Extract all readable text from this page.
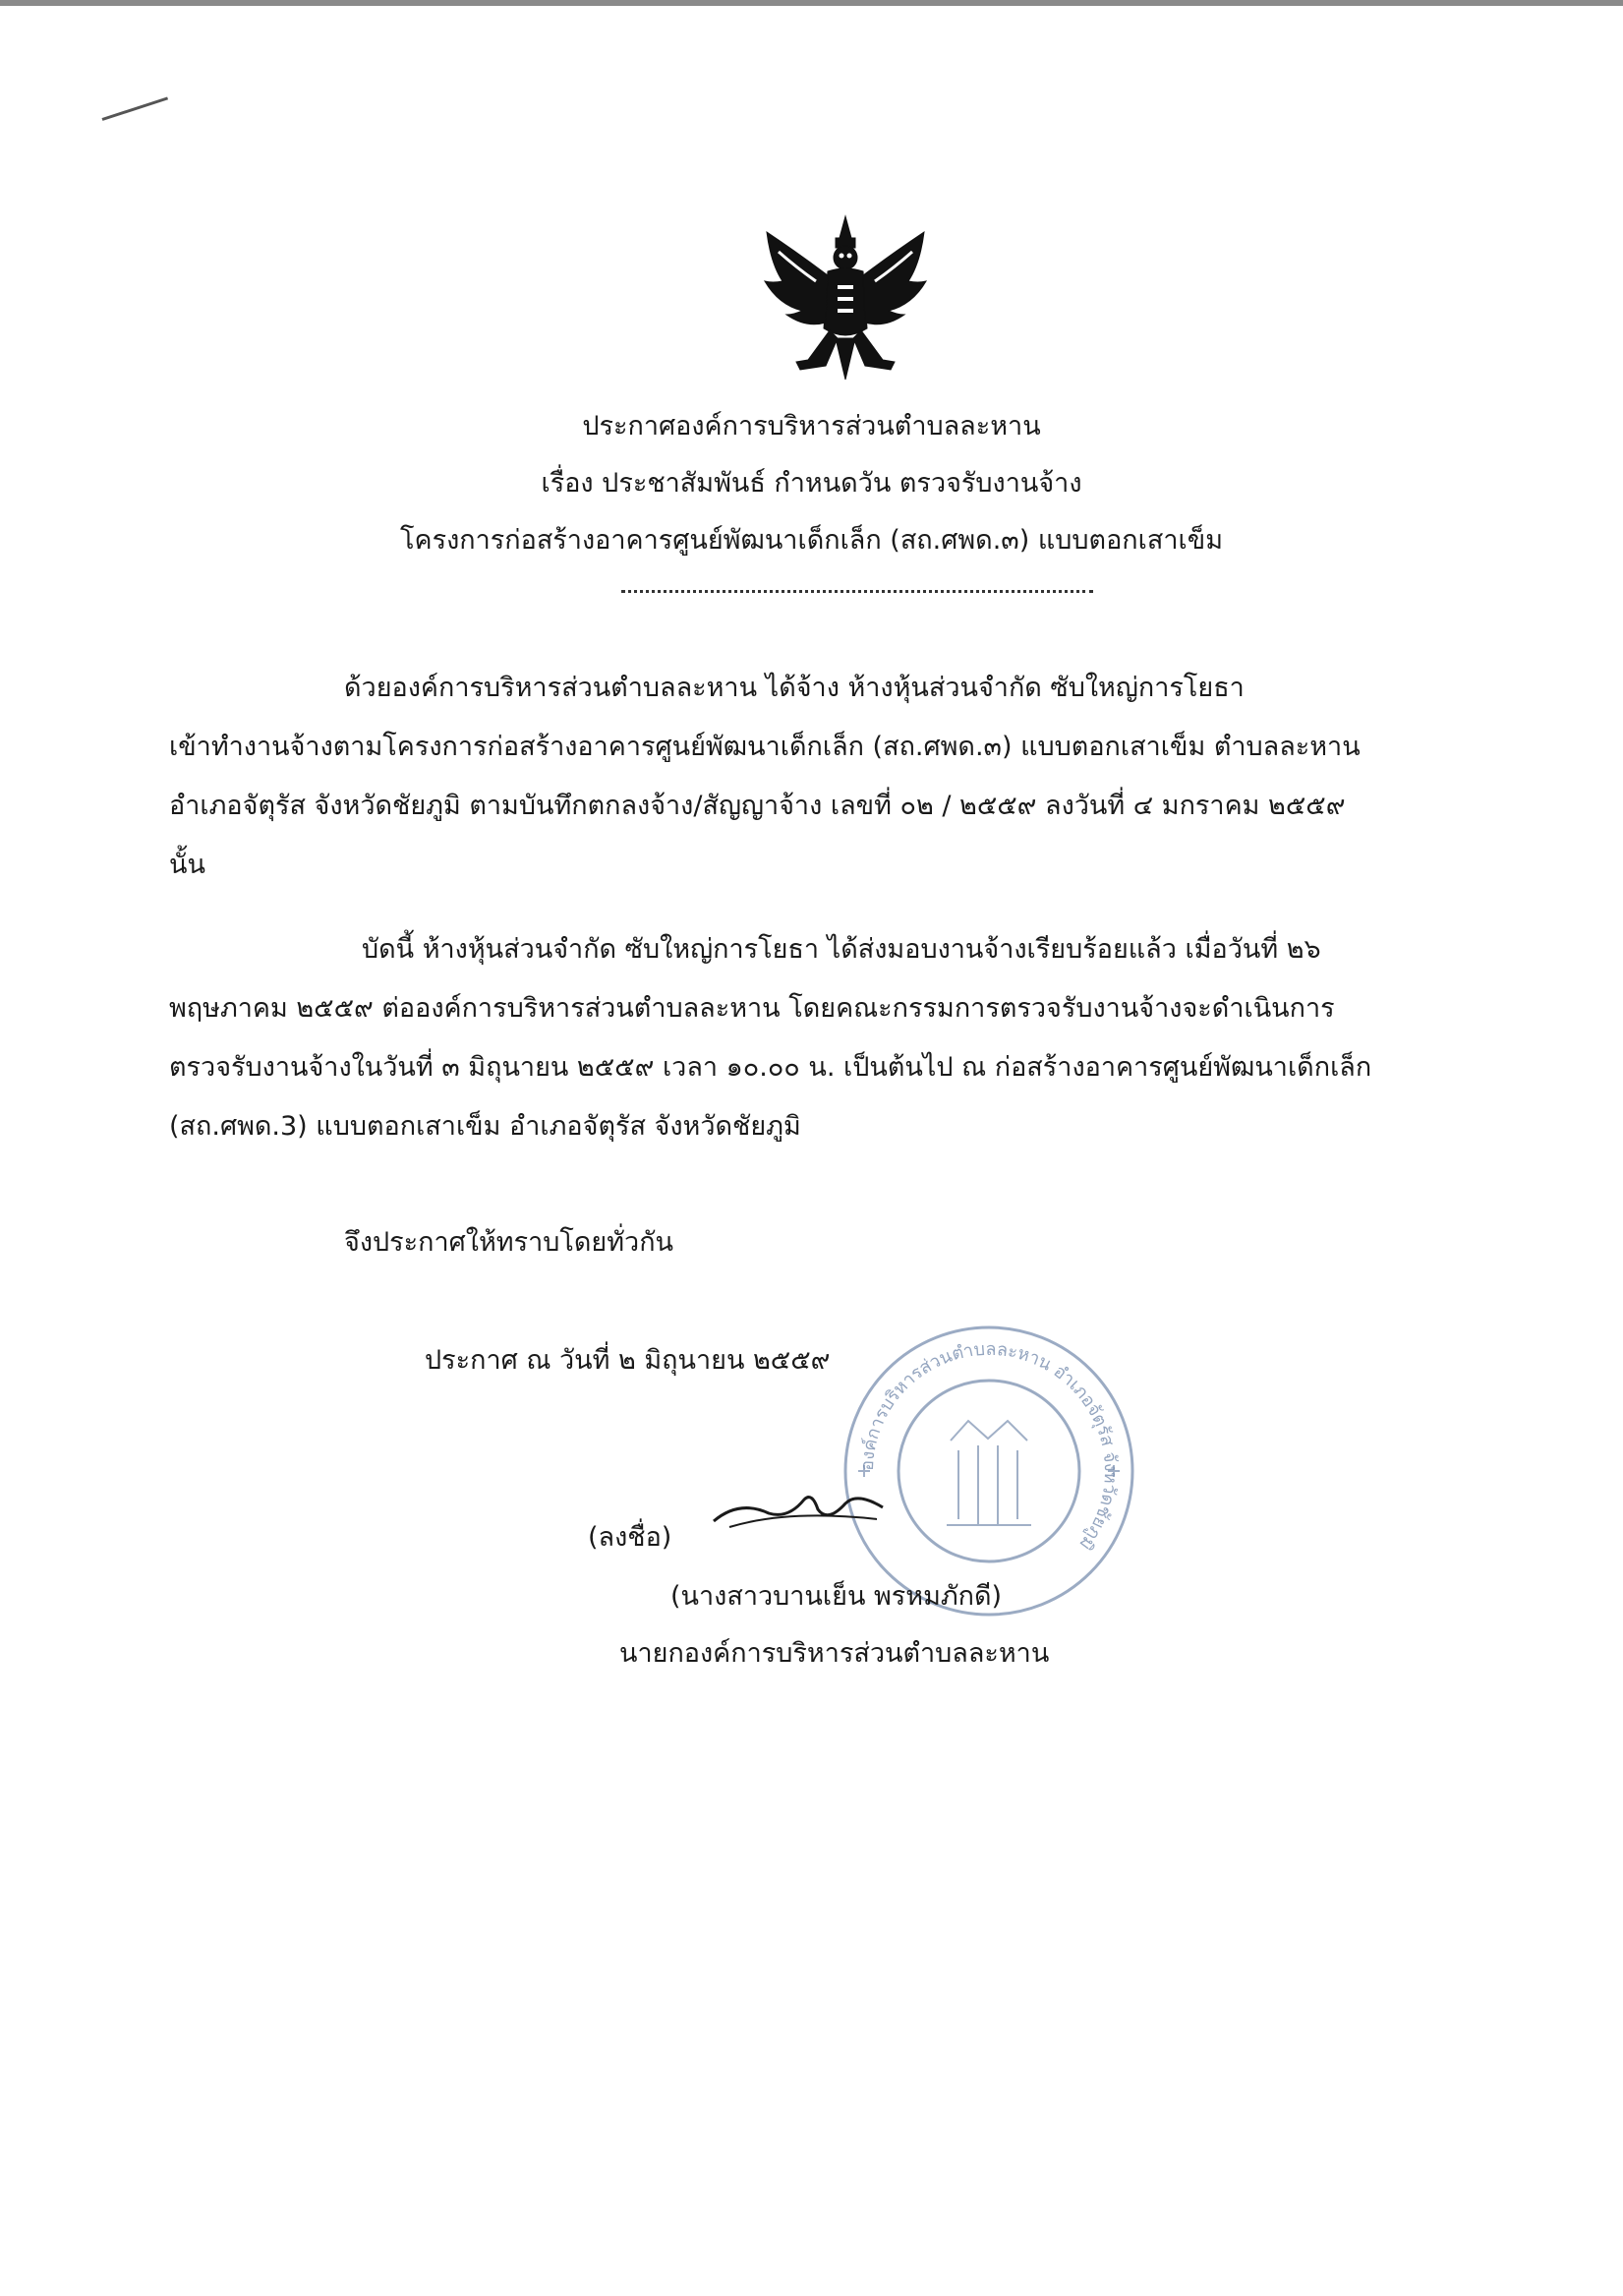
ประกาศองค์การบริหารส่วนตำบลละหาน
เรื่อง ประชาสัมพันธ์ กำหนดวัน ตรวจรับงานจ้าง
โครงการก่อสร้างอาคารศูนย์พัฒนาเด็กเล็ก (สถ.ศพด.๓) แบบตอกเสาเข็ม
ด้วยองค์การบริหารส่วนตำบลละหาน ได้จ้าง ห้างหุ้นส่วนจำกัด ซับใหญ่การโยธา
เข้าทำงานจ้างตามโครงการก่อสร้างอาคารศูนย์พัฒนาเด็กเล็ก (สถ.ศพด.๓) แบบตอกเสาเข็ม ตำบลละหาน
อำเภอจัตุรัส จังหวัดชัยภูมิ ตามบันทึกตกลงจ้าง/สัญญาจ้าง เลขที่ ๐๒ / ๒๕๕๙ ลงวันที่ ๔ มกราคม ๒๕๕๙
นั้น
บัดนี้ ห้างหุ้นส่วนจำกัด ซับใหญ่การโยธา ได้ส่งมอบงานจ้างเรียบร้อยแล้ว เมื่อวันที่ ๒๖
พฤษภาคม ๒๕๕๙ ต่อองค์การบริหารส่วนตำบลละหาน โดยคณะกรรมการตรวจรับงานจ้างจะดำเนินการ
ตรวจรับงานจ้างในวันที่ ๓ มิถุนายน ๒๕๕๙ เวลา ๑๐.๐๐ น. เป็นต้นไป ณ ก่อสร้างอาคารศูนย์พัฒนาเด็กเล็ก
(สถ.ศพด.3) แบบตอกเสาเข็ม อำเภอจัตุรัส จังหวัดชัยภูมิ
จึงประกาศให้ทราบโดยทั่วกัน
ประกาศ ณ วันที่ ๒ มิถุนายน ๒๕๕๙
องค์การบริหารส่วนตำบลละหาน อำเภอจัตุรัส จังหวัดชัยภูมิ
(ลงชื่อ)
(นางสาวบานเย็น พรหมภักดี)
นายกองค์การบริหารส่วนตำบลละหาน
